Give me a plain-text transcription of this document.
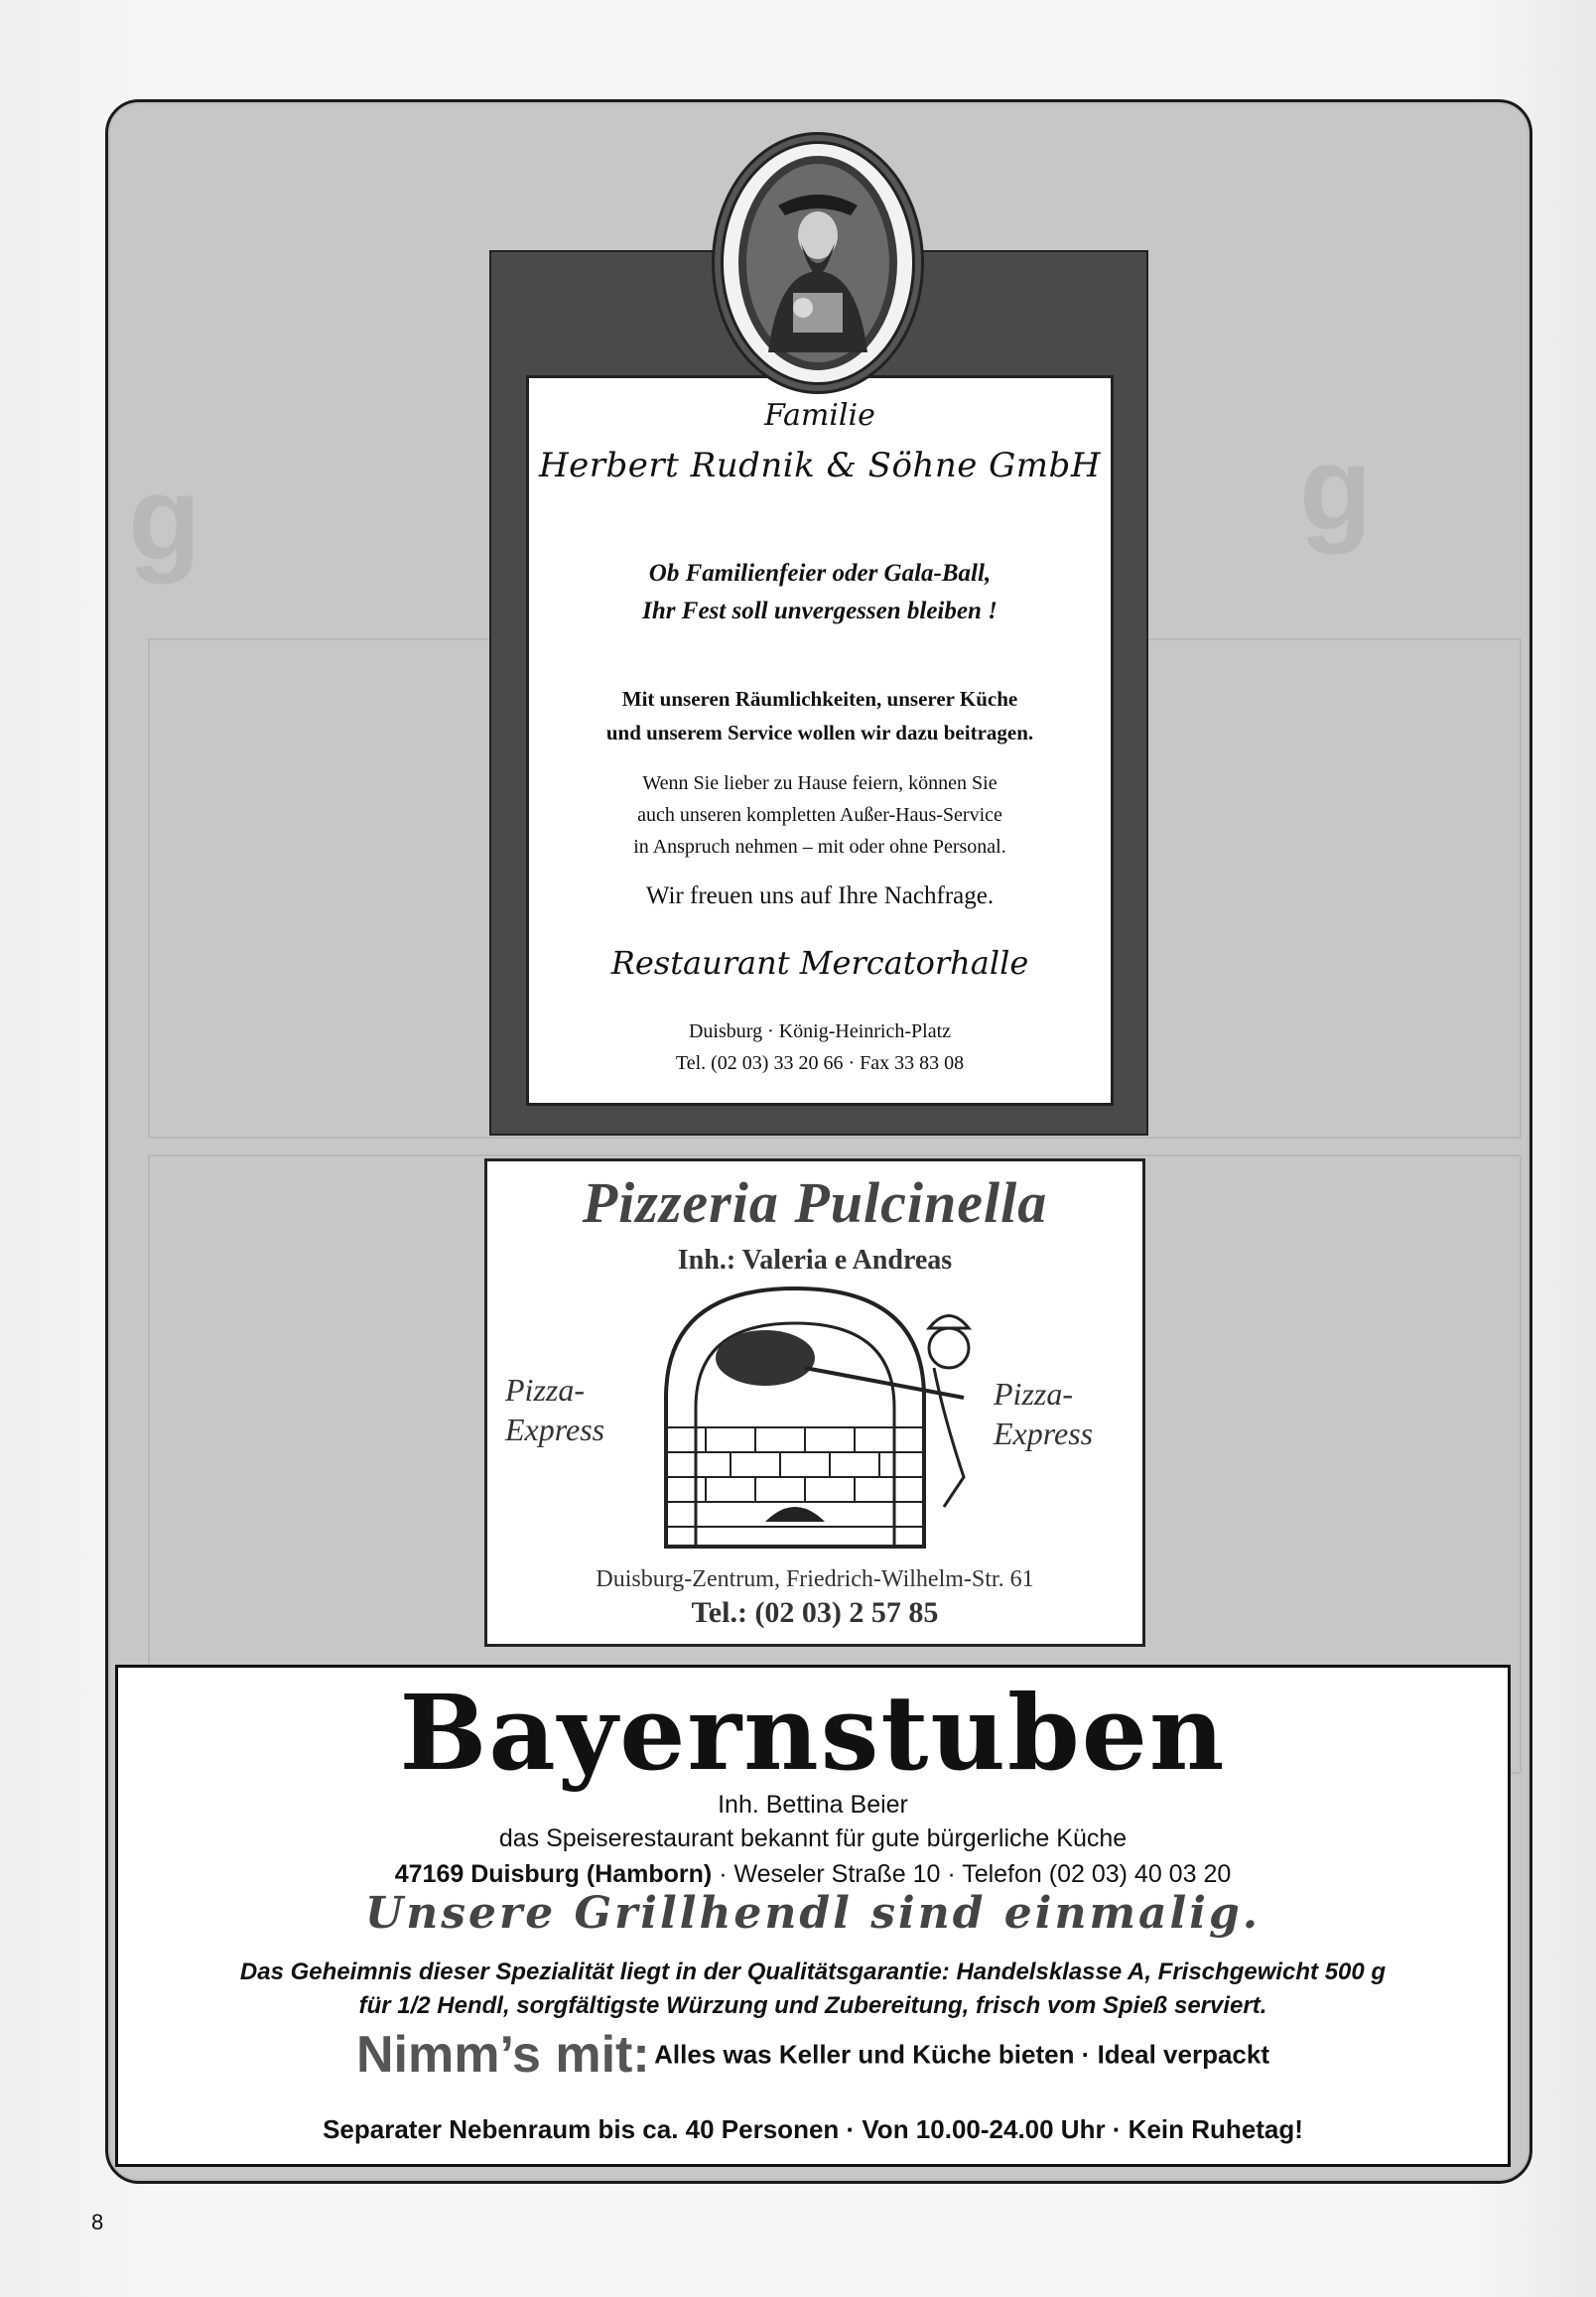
g	g
Familie
Herbert Rudnik & Söhne GmbH
Ob Familienfeier oder Gala-Ball,
Ihr Fest soll unvergessen bleiben !
Mit unseren Räumlichkeiten, unserer Küche
und unserem Service wollen wir dazu beitragen.
Wenn Sie lieber zu Hause feiern, können Sie
auch unseren kompletten Außer-Haus-Service
in Anspruch nehmen – mit oder ohne Personal.
Wir freuen uns auf Ihre Nachfrage.
Restaurant Mercatorhalle
Duisburg · König-Heinrich-Platz
Tel. (02 03) 33 20 66 · Fax 33 83 08
Pizzeria Pulcinella
Inh.: Valeria e Andreas
Pizza-
Express
Pizza-
Express
Duisburg-Zentrum, Friedrich-Wilhelm-Str. 61
Tel.: (02 03) 2 57 85
Bayernstuben
Inh. Bettina Beier
das Speiserestaurant bekannt für gute bürgerliche Küche
47169 Duisburg (Hamborn) · Weseler Straße 10 · Telefon (02 03) 40 03 20
Unsere Grillhendl sind einmalig.
Das Geheimnis dieser Spezialität liegt in der Qualitätsgarantie: Handelsklasse A, Frischgewicht 500 g
für 1/2 Hendl, sorgfältigste Würzung und Zubereitung, frisch vom Spieß serviert.
Nimm’s mit: Alles was Keller und Küche bieten · Ideal verpackt
Separater Nebenraum bis ca. 40 Personen · Von 10.00-24.00 Uhr · Kein Ruhetag!
8
